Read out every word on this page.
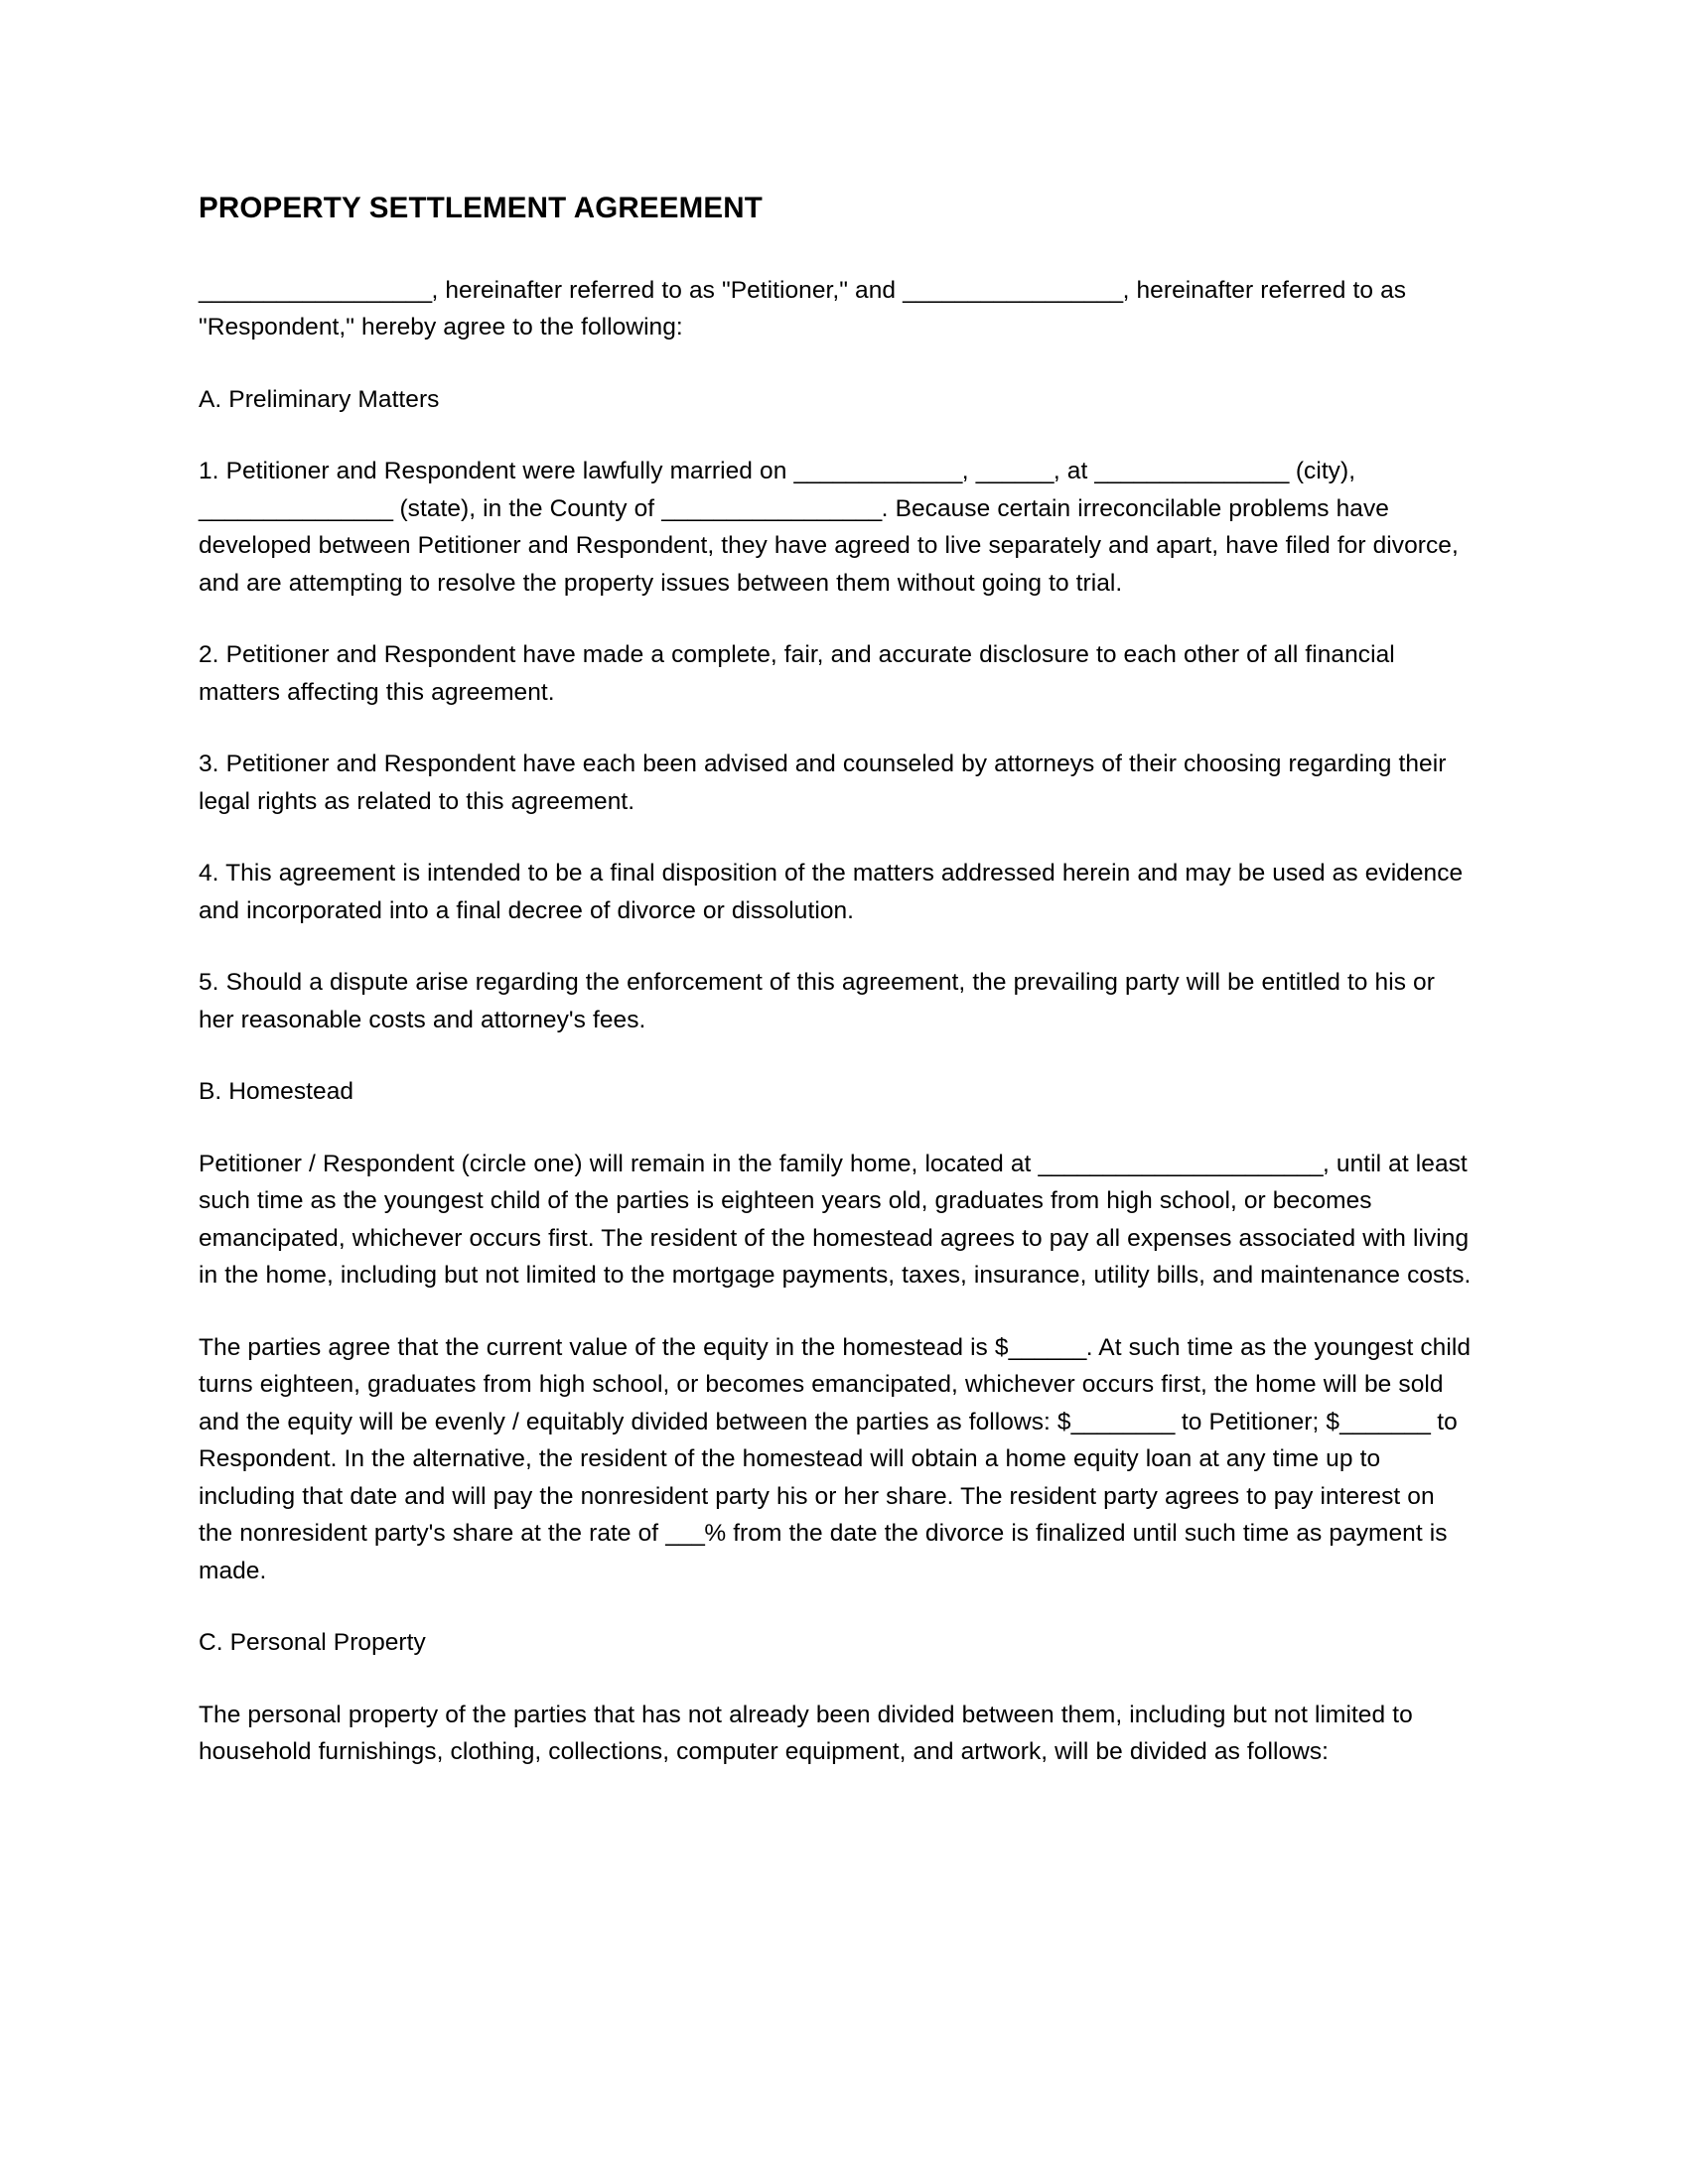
PROPERTY SETTLEMENT AGREEMENT

__________________, hereinafter referred to as "Petitioner," and _________________, hereinafter referred to as "Respondent," hereby agree to the following:

A. Preliminary Matters

1. Petitioner and Respondent were lawfully married on _____________, ______, at _______________ (city), _______________ (state), in the County of _________________. Because certain irreconcilable problems have developed between Petitioner and Respondent, they have agreed to live separately and apart, have filed for divorce, and are attempting to resolve the property issues between them without going to trial.

2. Petitioner and Respondent have made a complete, fair, and accurate disclosure to each other of all financial matters affecting this agreement.

3. Petitioner and Respondent have each been advised and counseled by attorneys of their choosing regarding their legal rights as related to this agreement.

4. This agreement is intended to be a final disposition of the matters addressed herein and may be used as evidence and incorporated into a final decree of divorce or dissolution.

5. Should a dispute arise regarding the enforcement of this agreement, the prevailing party will be entitled to his or her reasonable costs and attorney's fees.

B. Homestead

Petitioner / Respondent (circle one) will remain in the family home, located at ______________________, until at least such time as the youngest child of the parties is eighteen years old, graduates from high school, or becomes emancipated, whichever occurs first. The resident of the homestead agrees to pay all expenses associated with living in the home, including but not limited to the mortgage payments, taxes, insurance, utility bills, and maintenance costs.

The parties agree that the current value of the equity in the homestead is $______. At such time as the youngest child turns eighteen, graduates from high school, or becomes emancipated, whichever occurs first, the home will be sold and the equity will be evenly / equitably divided between the parties as follows: $________ to Petitioner; $_______ to Respondent. In the alternative, the resident of the homestead will obtain a home equity loan at any time up to including that date and will pay the nonresident party his or her share. The resident party agrees to pay interest on the nonresident party's share at the rate of ___% from the date the divorce is finalized until such time as payment is made.

C. Personal Property

The personal property of the parties that has not already been divided between them, including but not limited to household furnishings, clothing, collections, computer equipment, and artwork, will be divided as follows:
